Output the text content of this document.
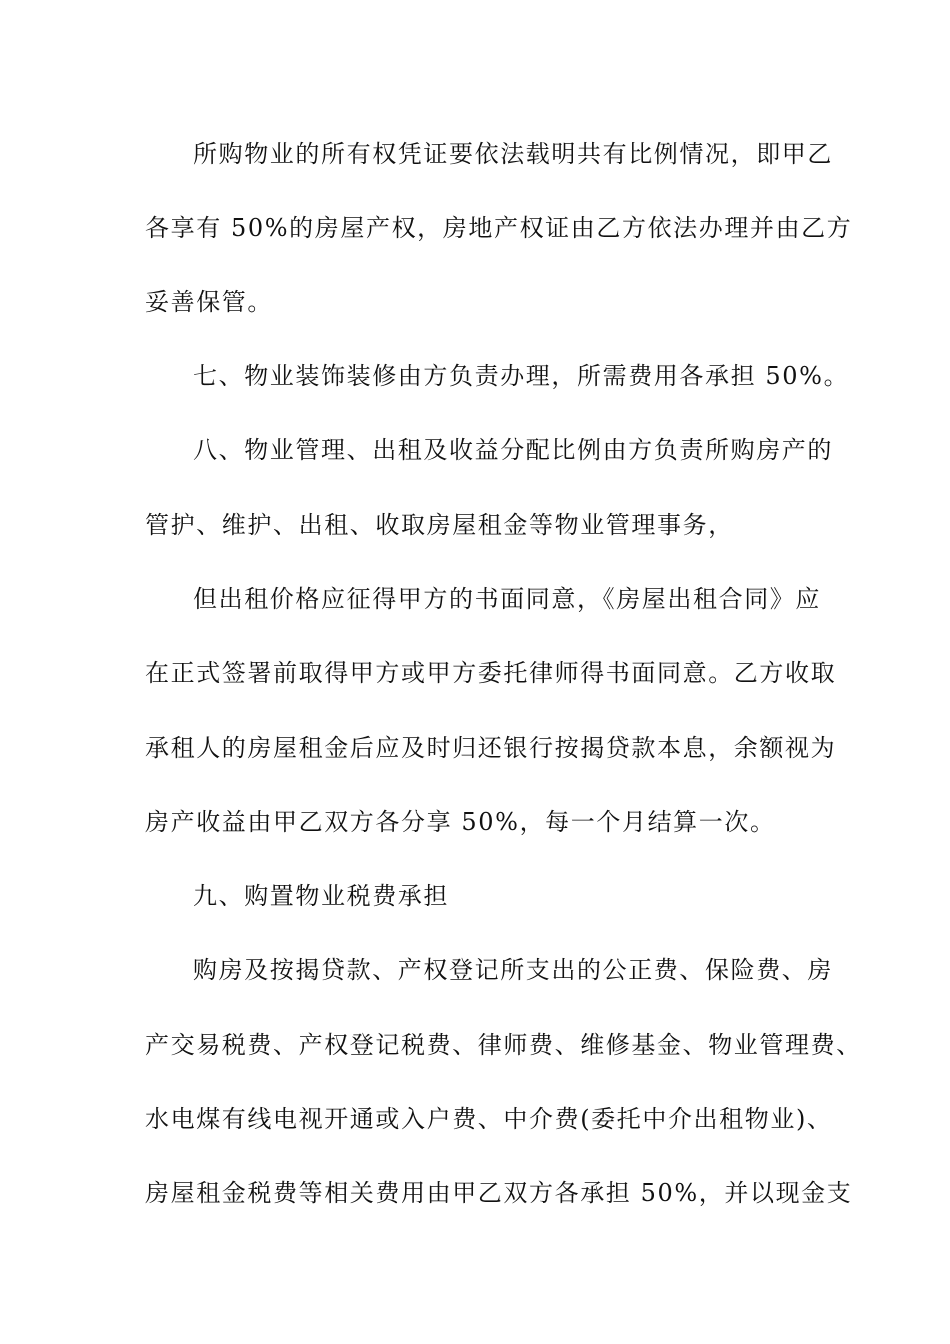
所购物业的所有权凭证要依法载明共有比例情况，即甲乙
各享有 50%的房屋产权，房地产权证由乙方依法办理并由乙方
妥善保管。
七、物业装饰装修由方负责办理，所需费用各承担 50%。
八、物业管理、出租及收益分配比例由方负责所购房产的
管护、维护、出租、收取房屋租金等物业管理事务，
但出租价格应征得甲方的书面同意，《房屋出租合同》应
在正式签署前取得甲方或甲方委托律师得书面同意。乙方收取
承租人的房屋租金后应及时归还银行按揭贷款本息，余额视为
房产收益由甲乙双方各分享 50%，每一个月结算一次。
九、购置物业税费承担
购房及按揭贷款、产权登记所支出的公正费、保险费、房
产交易税费、产权登记税费、律师费、维修基金、物业管理费、
水电煤有线电视开通或入户费、中介费(委托中介出租物业)、
房屋租金税费等相关费用由甲乙双方各承担 50%，并以现金支
